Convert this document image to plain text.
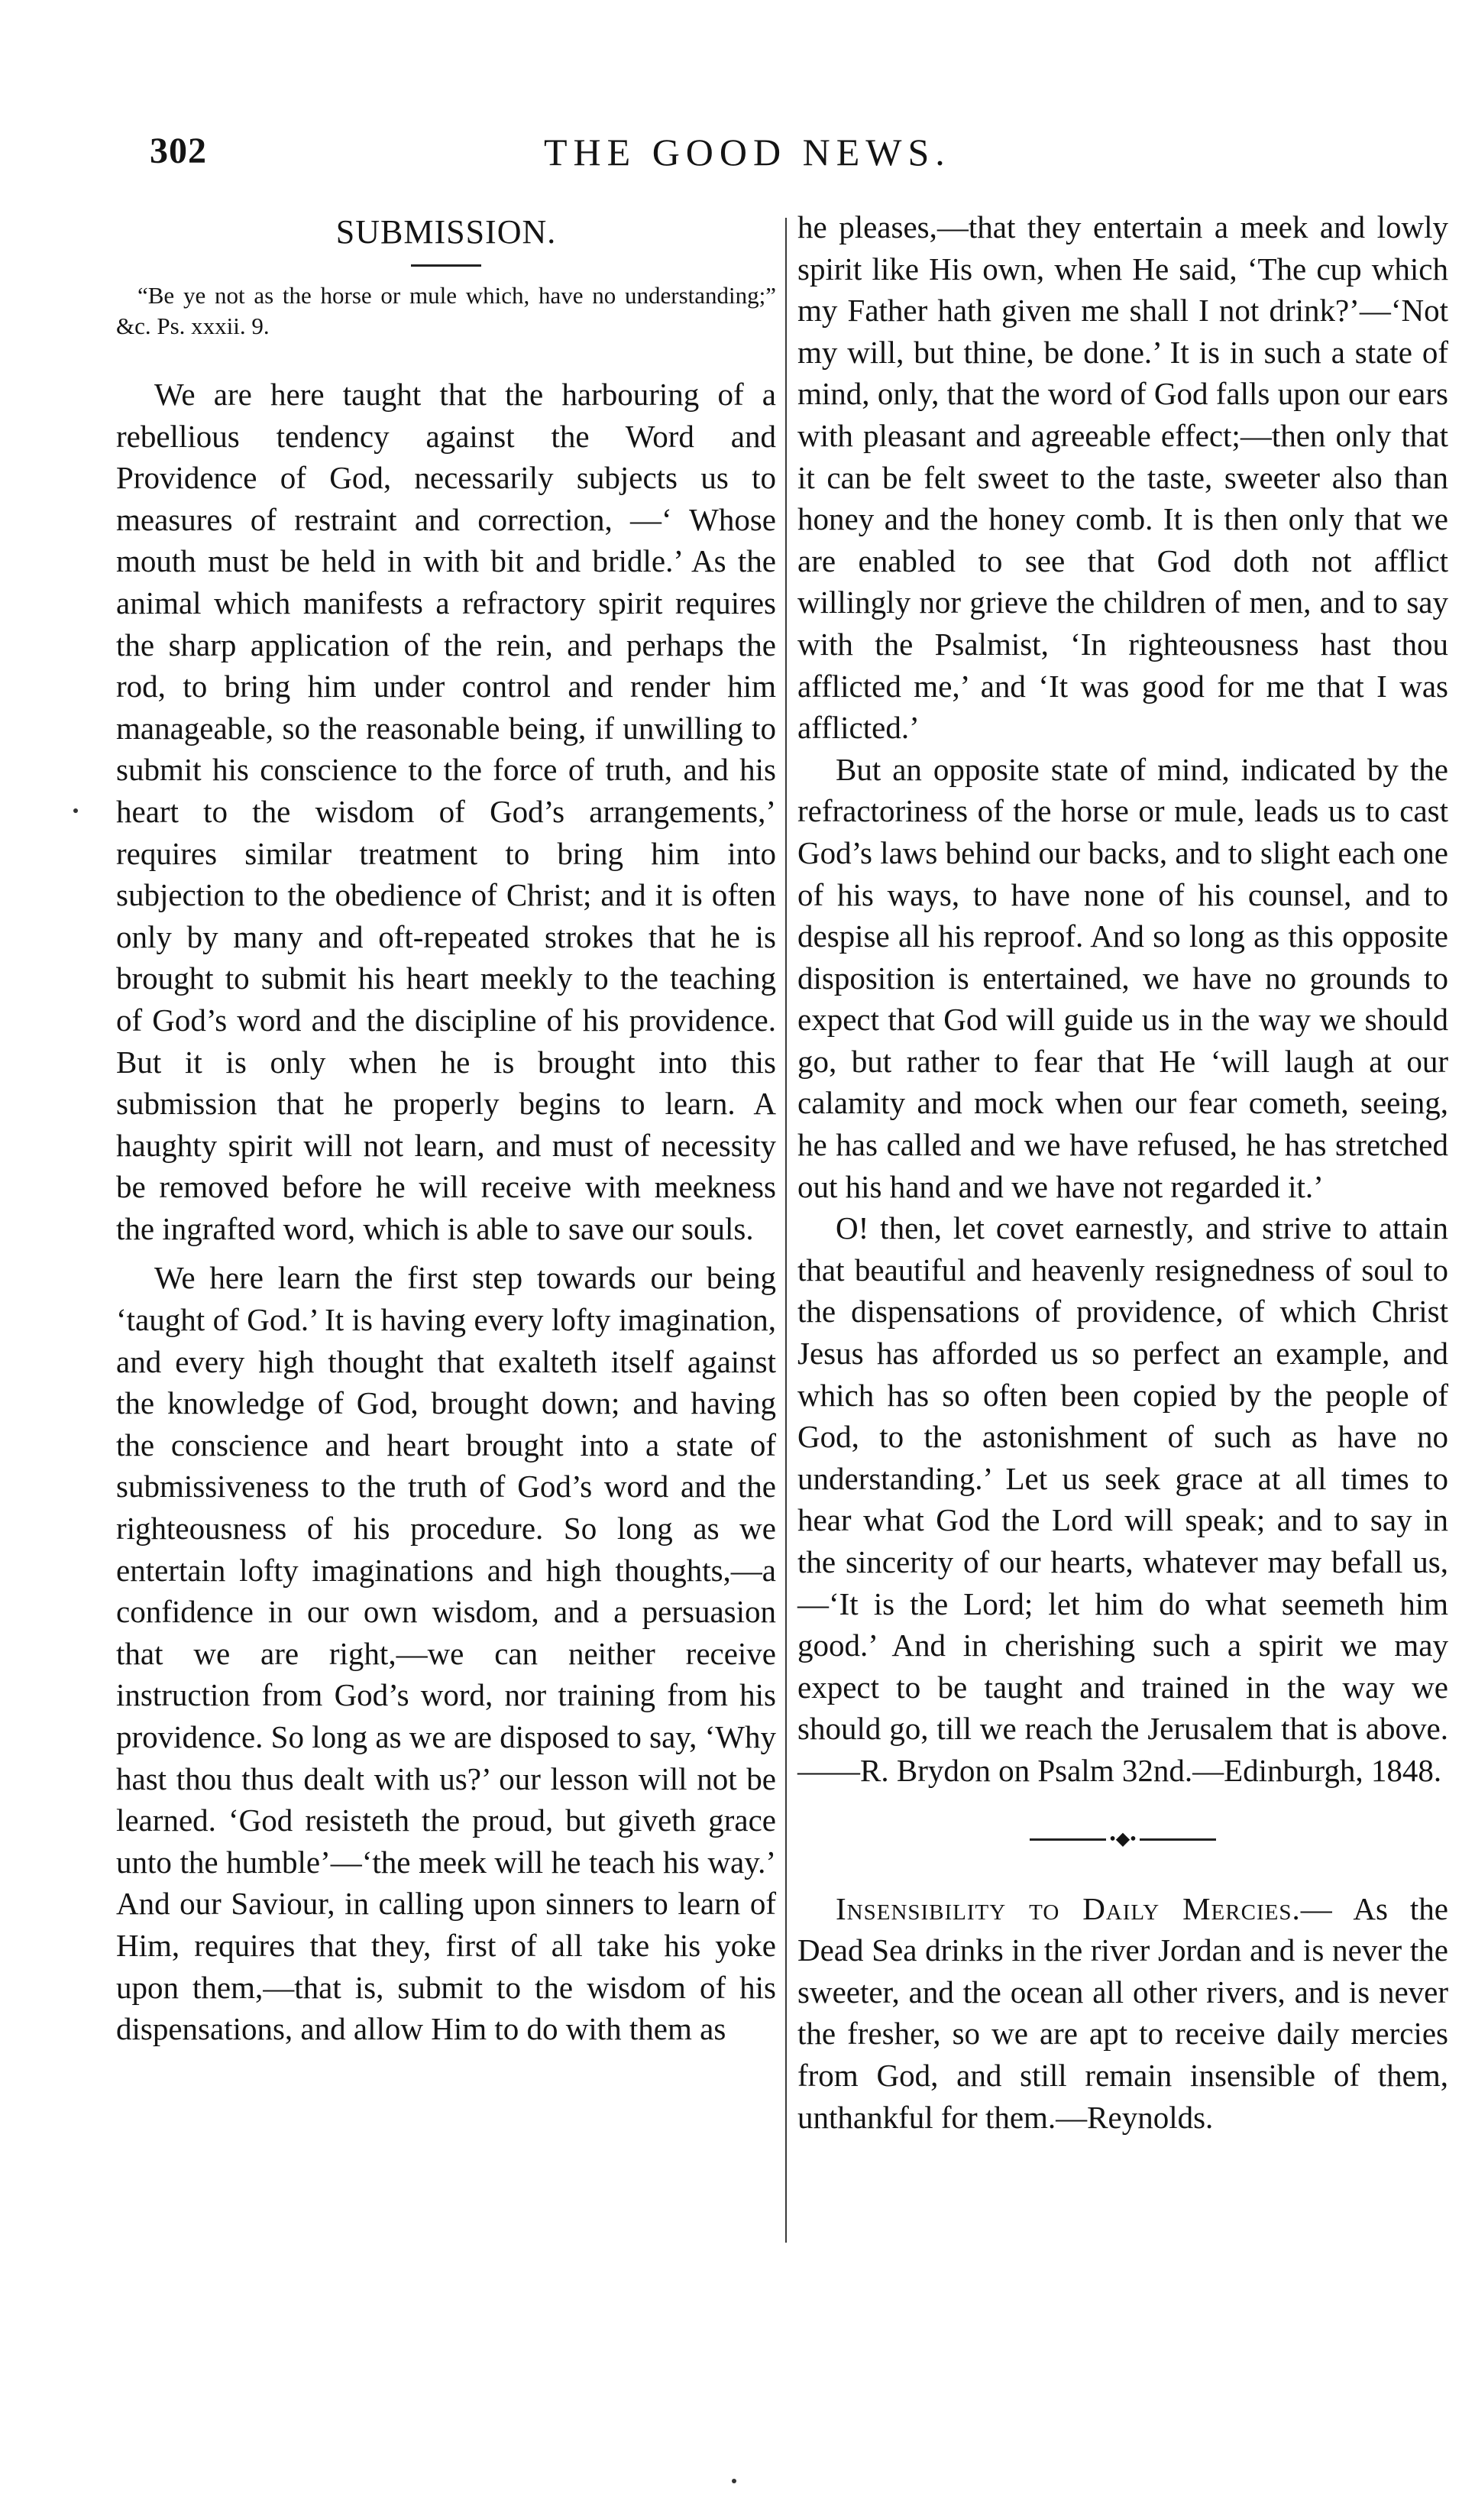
302	THE GOOD NEWS.
SUBMISSION.

“Be ye not as the horse or mule which, have no understanding;” &c. Ps. xxxii. 9.

We are here taught that the harbouring of a rebellious tendency against the Word and Providence of God, necessarily subjects us to measures of restraint and correction, —‘ Whose mouth must be held in with bit and bridle.’ As the animal which manifests a refractory spirit requires the sharp application of the rein, and perhaps the rod, to bring him under control and render him manageable, so the reasonable being, if unwilling to submit his conscience to the force of truth, and his heart to the wisdom of God’s arrangements,’ requires similar treatment to bring him into subjection to the obedience of Christ; and it is often only by many and oft-repeated strokes that he is brought to submit his heart meekly to the teaching of God’s word and the discipline of his providence. But it is only when he is brought into this submission that he properly begins to learn. A haughty spirit will not learn, and must of necessity be removed before he will receive with meekness the ingrafted word, which is able to save our souls.

We here learn the first step towards our being ‘taught of God.’ It is having every lofty imagination, and every high thought that exalteth itself against the knowledge of God, brought down; and having the conscience and heart brought into a state of submissiveness to the truth of God’s word and the righteousness of his procedure. So long as we entertain lofty imaginations and high thoughts,—a confidence in our own wisdom, and a persuasion that we are right,—we can neither receive instruction from God’s word, nor training from his providence. So long as we are disposed to say, ‘Why hast thou thus dealt with us?’ our lesson will not be learned. ‘God resisteth the proud, but giveth grace unto the humble’—‘the meek will he teach his way.’ And our Saviour, in calling upon sinners to learn of Him, requires that they, first of all take his yoke upon them,—that is, submit to the wisdom of his dispensations, and allow Him to do with them as

he pleases,—that they entertain a meek and lowly spirit like His own, when He said, ‘The cup which my Father hath given me shall I not drink?’—‘Not my will, but thine, be done.’ It is in such a state of mind, only, that the word of God falls upon our ears with pleasant and agreeable effect;—then only that it can be felt sweet to the taste, sweeter also than honey and the honey comb. It is then only that we are enabled to see that God doth not afflict willingly nor grieve the children of men, and to say with the Psalmist, ‘In righteousness hast thou afflicted me,’ and ‘It was good for me that I was afflicted.’

But an opposite state of mind, indicated by the refractoriness of the horse or mule, leads us to cast God’s laws behind our backs, and to slight each one of his ways, to have none of his counsel, and to despise all his reproof. And so long as this opposite disposition is entertained, we have no grounds to expect that God will guide us in the way we should go, but rather to fear that He ‘will laugh at our calamity and mock when our fear cometh, seeing, he has called and we have refused, he has stretched out his hand and we have not regarded it.’

O! then, let covet earnestly, and strive to attain that beautiful and heavenly resignedness of soul to the dispensations of providence, of which Christ Jesus has afforded us so perfect an example, and which has so often been copied by the people of God, to the astonishment of such as have no understanding.’ Let us seek grace at all times to hear what God the Lord will speak; and to say in the sincerity of our hearts, whatever may befall us,—‘It is the Lord; let him do what seemeth him good.’ And in cherishing such a spirit we may expect to be taught and trained in the way we should go, till we reach the Jerusalem that is above.——R. Brydon on Psalm 32nd.—Edinburgh, 1848.

•◆•

Insensibility to Daily Mercies.— As the Dead Sea drinks in the river Jordan and is never the sweeter, and the ocean all other rivers, and is never the fresher, so we are apt to receive daily mercies from God, and still remain insensible of them, unthankful for them.—Reynolds.
